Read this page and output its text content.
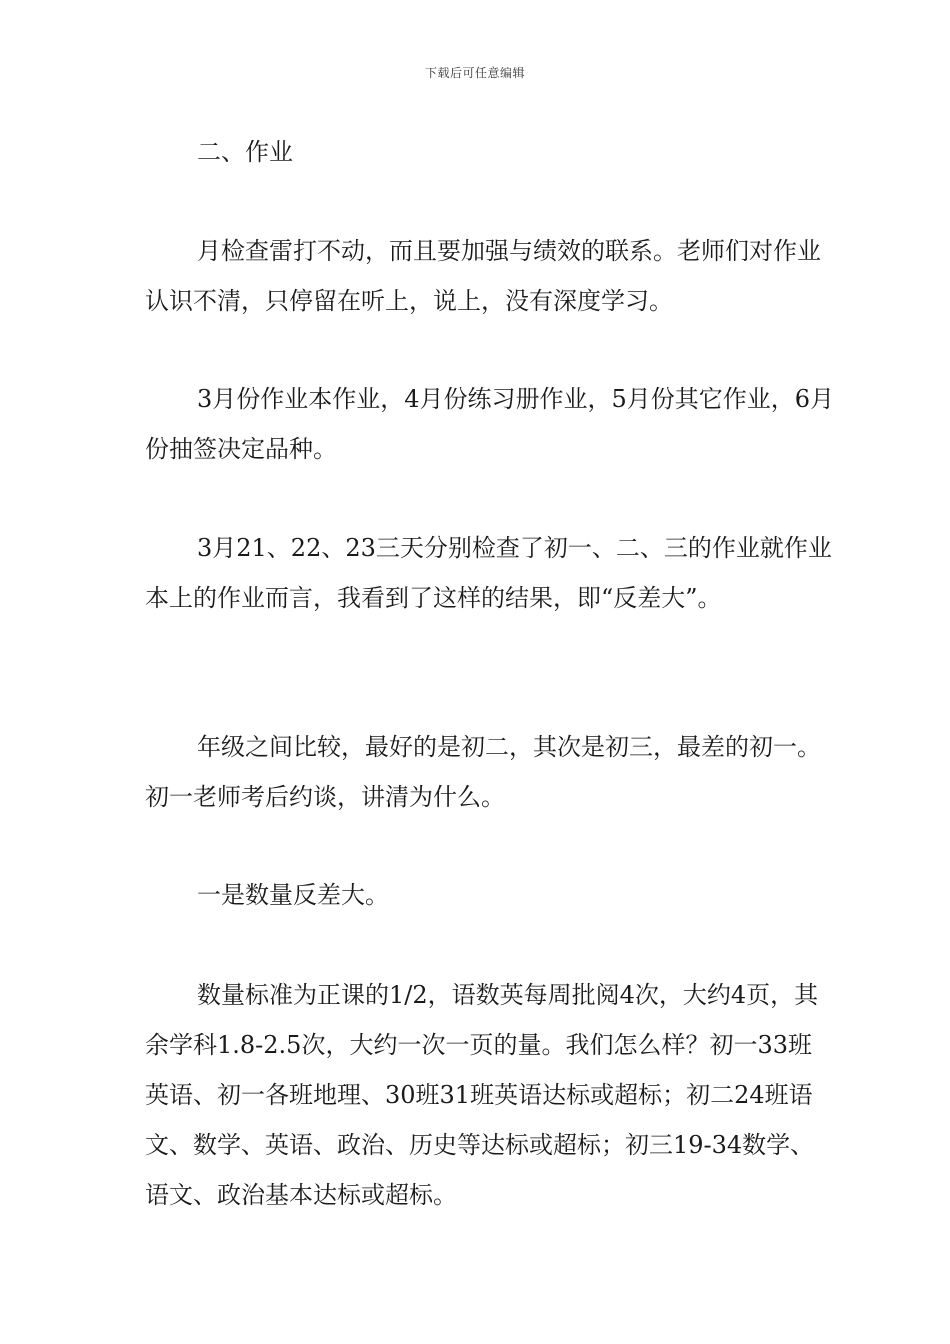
下载后可任意编辑

二、作业

月检查雷打不动，而且要加强与绩效的联系。老师们对作业认识不清，只停留在听上，说上，没有深度学习。

3月份作业本作业，4月份练习册作业，5月份其它作业，6月份抽签决定品种。

3月21、22、23三天分别检查了初一、二、三的作业就作业本上的作业而言，我看到了这样的结果，即“反差大”。

年级之间比较，最好的是初二，其次是初三，最差的初一。初一老师考后约谈，讲清为什么。

一是数量反差大。

数量标准为正课的1/2，语数英每周批阅4次，大约4页，其余学科1.8-2.5次，大约一次一页的量。我们怎么样？初一33班英语、初一各班地理、30班31班英语达标或超标；初二24班语文、数学、英语、政治、历史等达标或超标；初三19-34数学、语文、政治基本达标或超标。
